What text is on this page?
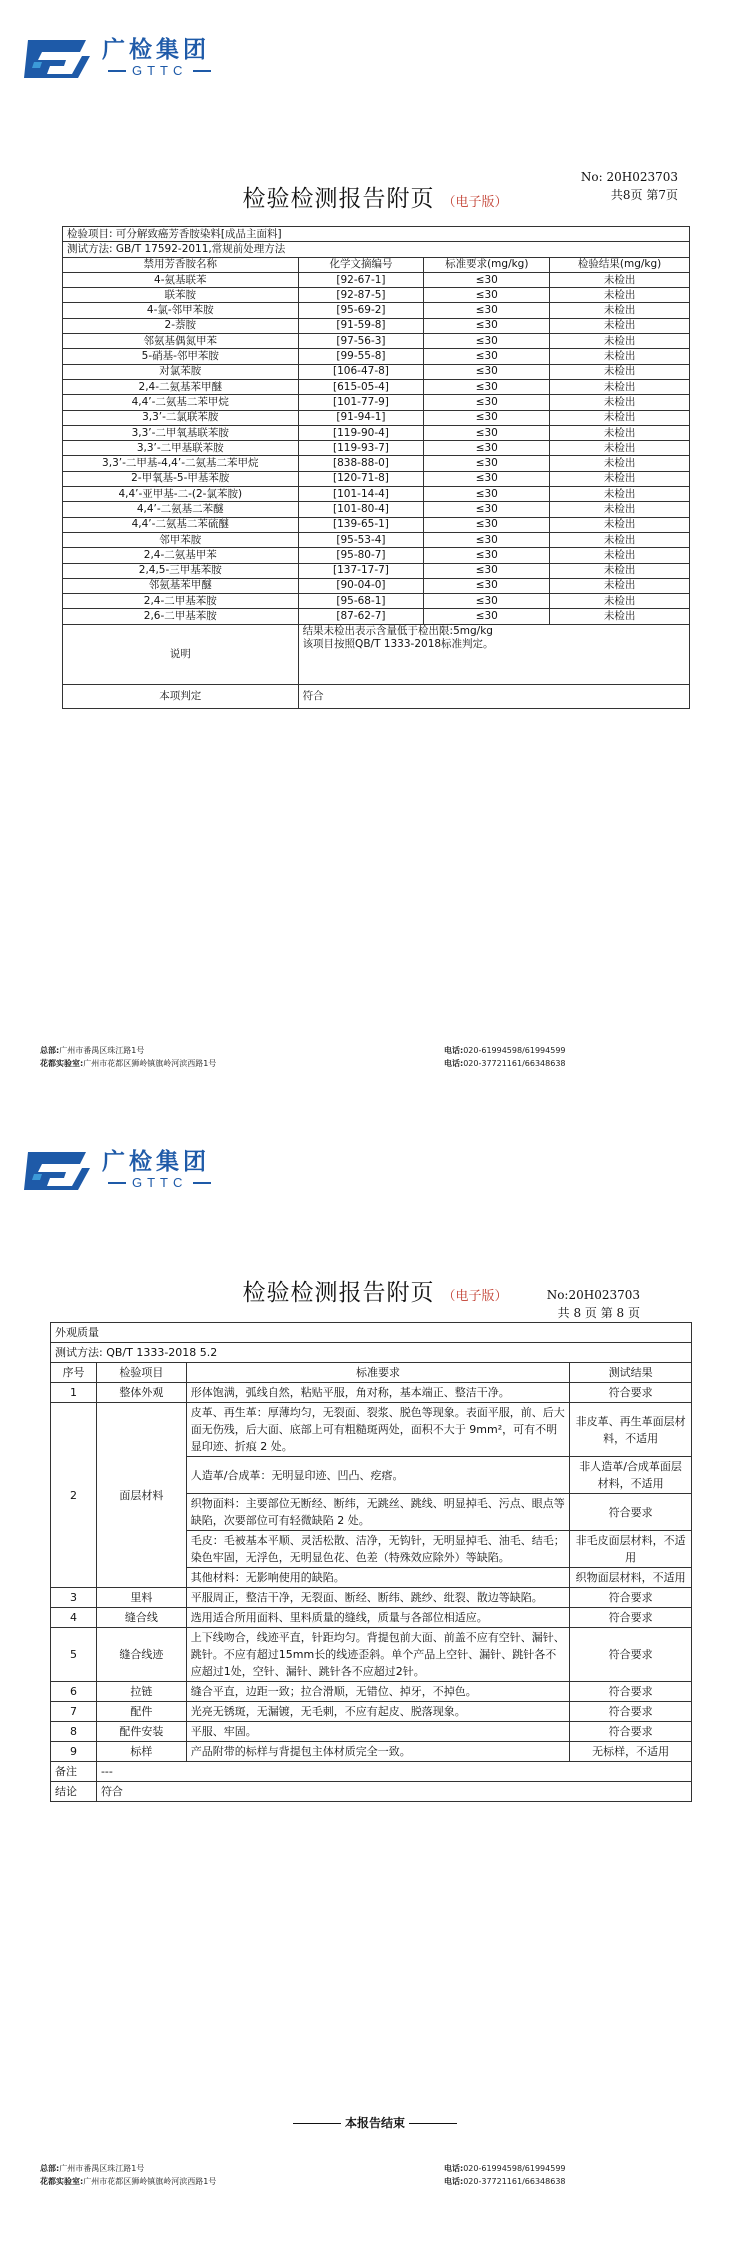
广检集团
GTTC
检验检测报告附页 （电子版）
No: 20H023703
共8页 第7页
检验项目: 可分解致癌芳香胺染料[成品主面料]			
测试方法: GB/T 17592-2011,常规前处理方法			
禁用芳香胺名称	化学文摘编号	标准要求(mg/kg)	检验结果(mg/kg)
4-氨基联苯	[92-67-1]	≤30	未检出
联苯胺	[92-87-5]	≤30	未检出
4-氯-邻甲苯胺	[95-69-2]	≤30	未检出
2-萘胺	[91-59-8]	≤30	未检出
邻氨基偶氮甲苯	[97-56-3]	≤30	未检出
5-硝基-邻甲苯胺	[99-55-8]	≤30	未检出
对氯苯胺	[106-47-8]	≤30	未检出
2,4-二氨基苯甲醚	[615-05-4]	≤30	未检出
4,4’-二氨基二苯甲烷	[101-77-9]	≤30	未检出
3,3’-二氯联苯胺	[91-94-1]	≤30	未检出
3,3’-二甲氧基联苯胺	[119-90-4]	≤30	未检出
3,3’-二甲基联苯胺	[119-93-7]	≤30	未检出
3,3’-二甲基-4,4’-二氨基二苯甲烷	[838-88-0]	≤30	未检出
2-甲氧基-5-甲基苯胺	[120-71-8]	≤30	未检出
4,4’-亚甲基-二-(2-氯苯胺)	[101-14-4]	≤30	未检出
4,4’-二氨基二苯醚	[101-80-4]	≤30	未检出
4,4’-二氨基二苯硫醚	[139-65-1]	≤30	未检出
邻甲苯胺	[95-53-4]	≤30	未检出
2,4-二氨基甲苯	[95-80-7]	≤30	未检出
2,4,5-三甲基苯胺	[137-17-7]	≤30	未检出
邻氨基苯甲醚	[90-04-0]	≤30	未检出
2,4-二甲基苯胺	[95-68-1]	≤30	未检出
2,6-二甲基苯胺	[87-62-7]	≤30	未检出
说明	结果未检出表示含量低于检出限:5mg/kg
该项目按照QB/T 1333-2018标准判定。		

本项判定	符合		
总部:广州市番禺区珠江路1号
花都实验室:广州市花都区狮岭镇旗岭河滨西路1号
电话:020-61994598/61994599
电话:020-37721161/66348638
广检集团
GTTC
检验检测报告附页 （电子版）	No:20H023703
共 8 页 第 8 页
外观质量			
测试方法: QB/T 1333-2018 5.2			
序号	检验项目	标准要求	测试结果
1	整体外观	形体饱满，弧线自然，粘贴平服，角对称，基本端正、整洁干净。	符合要求
2	面层材料	皮革、再生革：厚薄均匀，无裂面、裂浆、脱色等现象。表面平服，前、后大面无伤残，后大面、底部上可有粗糙斑两处，面积不大于 9mm²，可有不明显印迹、折痕 2 处。	非皮革、再生革面层材料，不适用
		人造革/合成革：无明显印迹、凹凸、疙瘩。	非人造革/合成革面层材料，不适用
		织物面料：主要部位无断经、断纬，无跳丝、跳线、明显掉毛、污点、眼点等缺陷，次要部位可有轻微缺陷 2 处。	符合要求
		毛皮：毛被基本平顺、灵活松散、洁净，无钩针，无明显掉毛、油毛、结毛；染色牢固，无浮色，无明显色花、色差（特殊效应除外）等缺陷。	非毛皮面层材料，不适用
		其他材料：无影响使用的缺陷。	织物面层材料，不适用
3	里料	平服周正，整洁干净，无裂面、断经、断纬、跳纱、纰裂、散边等缺陷。	符合要求
4	缝合线	选用适合所用面料、里料质量的缝线，质量与各部位相适应。	符合要求
5	缝合线迹	上下线吻合，线迹平直，针距均匀。背提包前大面、前盖不应有空针、漏针、跳针。不应有超过15mm长的线迹歪斜。单个产品上空针、漏针、跳针各不应超过1处，空针、漏针、跳针各不应超过2针。	符合要求
6	拉链	缝合平直，边距一致；拉合滑顺，无错位、掉牙，不掉色。	符合要求
7	配件	光亮无锈斑，无漏镀，无毛刺，不应有起皮、脱落现象。	符合要求
8	配件安装	平服、牢固。	符合要求
9	标样	产品附带的标样与背提包主体材质完全一致。	无标样，不适用
备注	---		
结论	符合		
本报告结束
总部:广州市番禺区珠江路1号
花都实验室:广州市花都区狮岭镇旗岭河滨西路1号
电话:020-61994598/61994599
电话:020-37721161/66348638
